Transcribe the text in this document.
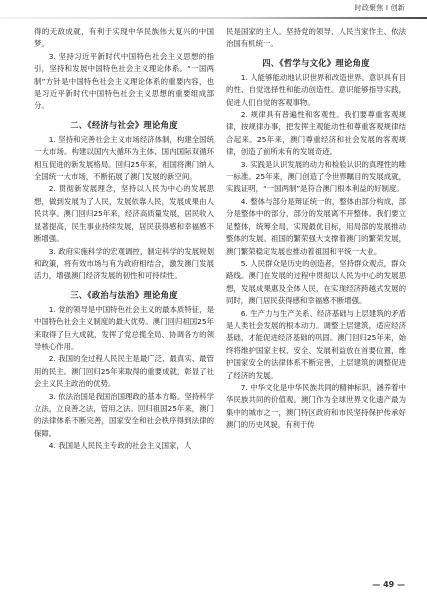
时政聚焦 Ⅰ 创新
得的无敌成就，有利于实现中华民族伟大复兴的中国梦。
3. 坚持习近平新时代中国特色社会主义思想的指引，坚持和发展中国特色社会主义理论体系。“一国两制”方针是中国特色社会主义理论体系的重要内容，也是习近平新时代中国特色社会主义思想的重要组成部分。
二、《经济与社会》理论角度
1. 坚持和完善社会主义市场经济体制，构建全国统一大市场。构建以国内大循环为主体、国内国际双循环相互促进的新发展格局。回归25年来，祖国将澳门纳入全国统一大市场，不断拓展了澳门发展的新空间。
2. 贯彻新发展理念，坚持以人民为中心的发展思想，做到发展为了人民，发展依靠人民，发展成果由人民共享。澳门回归25年来，经济高质量发展，居民收入显著提高，民生事业持续发展，居民获得感和幸福感不断增强。
3. 政府实施科学的宏观调控，制定科学的发展规划和政策，将有效市场与有为政府相结合，激发澳门发展活力，增强澳门经济发展的韧性和可持续性。
三、《政治与法治》理论角度
1. 党的领导是中国特色社会主义的最本质特征，是中国特色社会主义制度的最大优势。澳门回归祖国25年来取得了巨大成就，发挥了党总揽全局、协调各方的领导核心作用。
2. 我国的全过程人民民主是最广泛、最真实、最管用的民主。澳门回归25年来取得的重要成就，彰显了社会主义民主政治的优势。
3. 依法治国是我国治国理政的基本方略。坚持科学立法，立良善之法，管用之法。回归祖国25年来，澳门的法律体系不断完善，国家安全和社会秩序得到法律的保障。
4. 我国是人民民主专政的社会主义国家，人
民是国家的主人。坚持党的领导、人民当家作主、依法治国有机统一。
四、《哲学与文化》理论角度
1. 人能够能动地认识世界和改造世界。意识具有目的性、自觉选择性和能动创造性。意识能够指导实践，促进人们自觉的客观事物。
2. 规律具有普遍性和客观性。我们要尊重客观规律，按规律办事，把发挥主观能动性和尊重客观规律结合起来。25年来，澳门尊重经济和社会发展的客观规律，创造了前所未有的发展奇迹。
3. 实践是认识发展的动力和检验认识的真理性的唯一标准。25年来，澳门创造了令世界瞩目的发展成就，实践证明，“一国两制”是符合澳门根本利益的好制度。
4. 整体与部分是辩证统一的，整体由部分构成，部分是整体中的部分，部分的发展离不开整体。我们要立足整体，统筹全局，实现最优目标，用局部的发展推动整体的发展。祖国的繁荣强大支撑着澳门的繁荣发展，澳门繁荣稳定发展也推动着祖国和平统一大业。
5. 人民群众是历史的创造者，坚持群众观点，群众路线。澳门在发展的过程中贯彻以人民为中心的发展思想，发展成果惠及全体人民，在实现经济跨越式发展的同时，澳门居民获得感和幸福感不断增强。
6. 生产力与生产关系、经济基础与上层建筑的矛盾是人类社会发展的根本动力。调整上层建筑，适应经济基础，才能促进经济基础的巩固。澳门回归25年来，始终将维护国家主权、安全、发展利益放在首要位置，维护国家安全的法律体系不断完善，上层建筑的调整促进了经济的发展。
7. 中华文化是中华民族共同的精神标识，涵养着中华民族共同的价值观。澳门作为全球世界文化遗产最为集中的城市之一，澳门特区政府和市民坚持保护传承好澳门的历史风貌，有利于传
— 49 —
